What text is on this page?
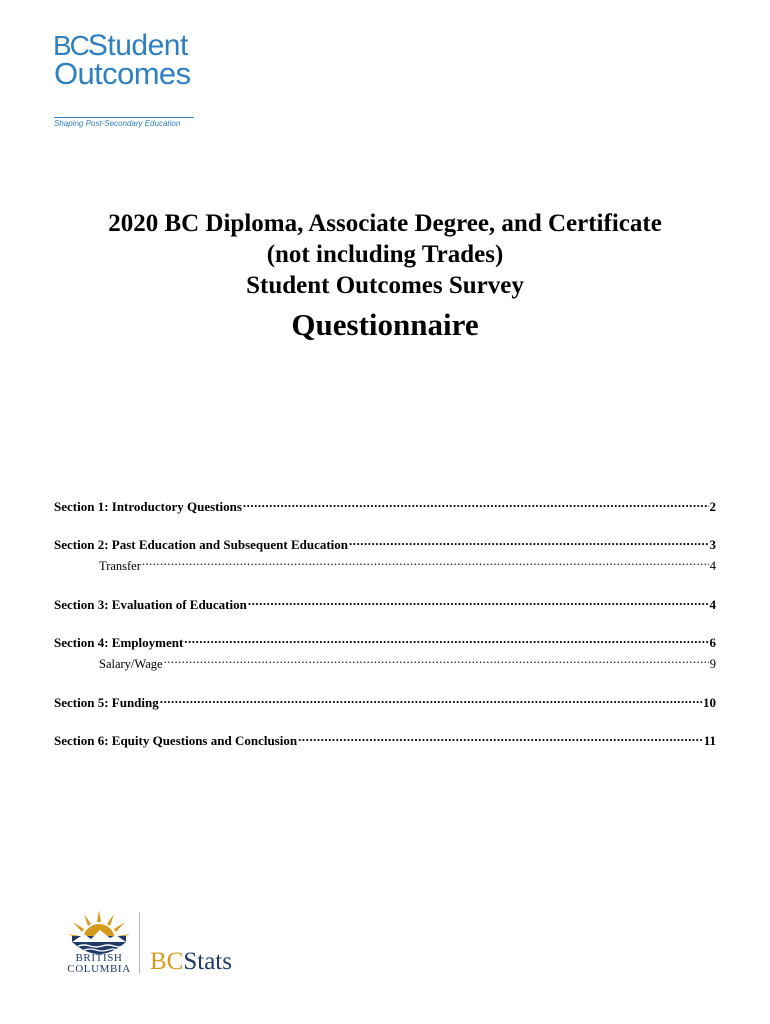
BCStudent
Outcomes
Shaping Post-Secondary Education
2020 BC Diploma, Associate Degree, and Certificate
(not including Trades)
Student Outcomes Survey
Questionnaire
Section 1: Introductory Questions .....	2
Section 2: Past Education and Subsequent Education .....	3
Transfer .....	4
Section 3: Evaluation of Education .....	4
Section 4: Employment .....	6
Salary/Wage .....	9
Section 5: Funding .....	10
Section 6: Equity Questions and Conclusion .....	11
BRITISH
COLUMBIA BCStats
